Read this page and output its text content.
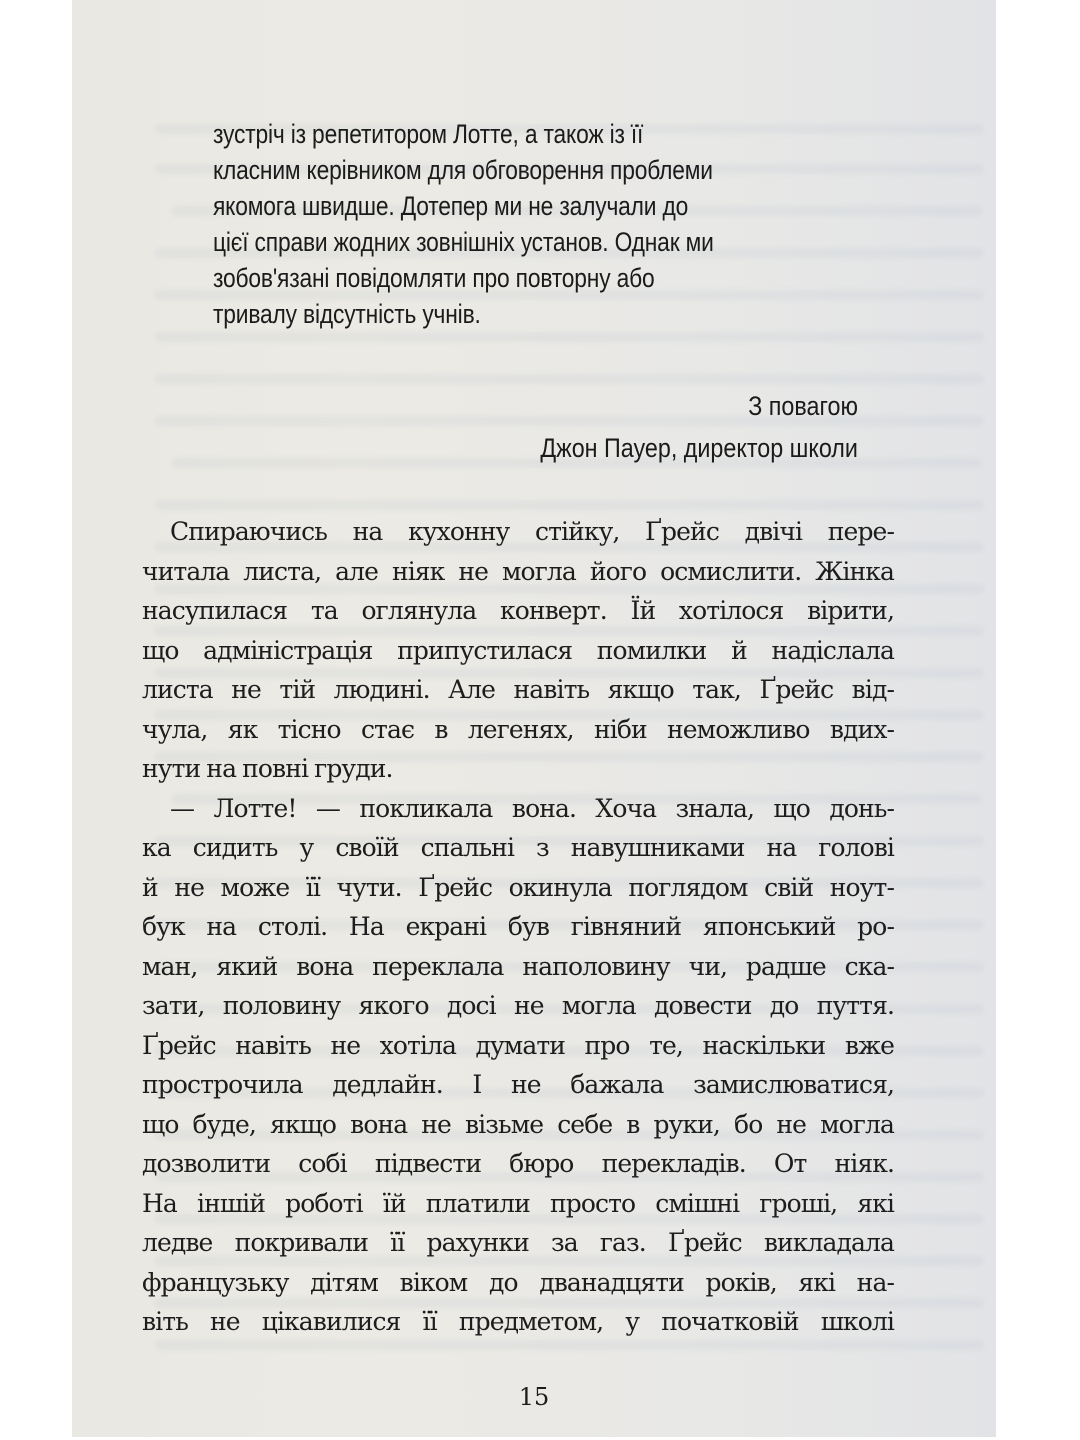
зустріч із репетитором Лотте, а також із її
класним керівником для обговорення проблеми
якомога швидше. Дотепер ми не залучали до
цієї справи жодних зовнішніх установ. Однак ми
зобов'язані повідомляти про повторну або
тривалу відсутність учнів.
З повагою
Джон Пауер, директор школи
Спираючись на кухонну стійку, Ґрейс двічі пере-
читала листа, але ніяк не могла його осмислити. Жінка
насупилася та оглянула конверт. Їй хотілося вірити,
що адміністрація припустилася помилки й надіслала
листа не тій людині. Але навіть якщо так, Ґрейс від-
чула, як тісно стає в легенях, ніби неможливо вдих-
нути на повні груди.
— Лотте! — покликала вона. Хоча знала, що донь-
ка сидить у своїй спальні з навушниками на голові
й не може її чути. Ґрейс окинула поглядом свій ноут-
бук на столі. На екрані був гівняний японський ро-
ман, який вона переклала наполовину чи, радше ска-
зати, половину якого досі не могла довести до пуття.
Ґрейс навіть не хотіла думати про те, наскільки вже
прострочила дедлайн. І не бажала замислюватися,
що буде, якщо вона не візьме себе в руки, бо не могла
дозволити собі підвести бюро перекладів. От ніяк.
На іншій роботі їй платили просто смішні гроші, які
ледве покривали її рахунки за газ. Ґрейс викладала
французьку дітям віком до дванадцяти років, які на-
віть не цікавилися її предметом, у початковій школі
15
